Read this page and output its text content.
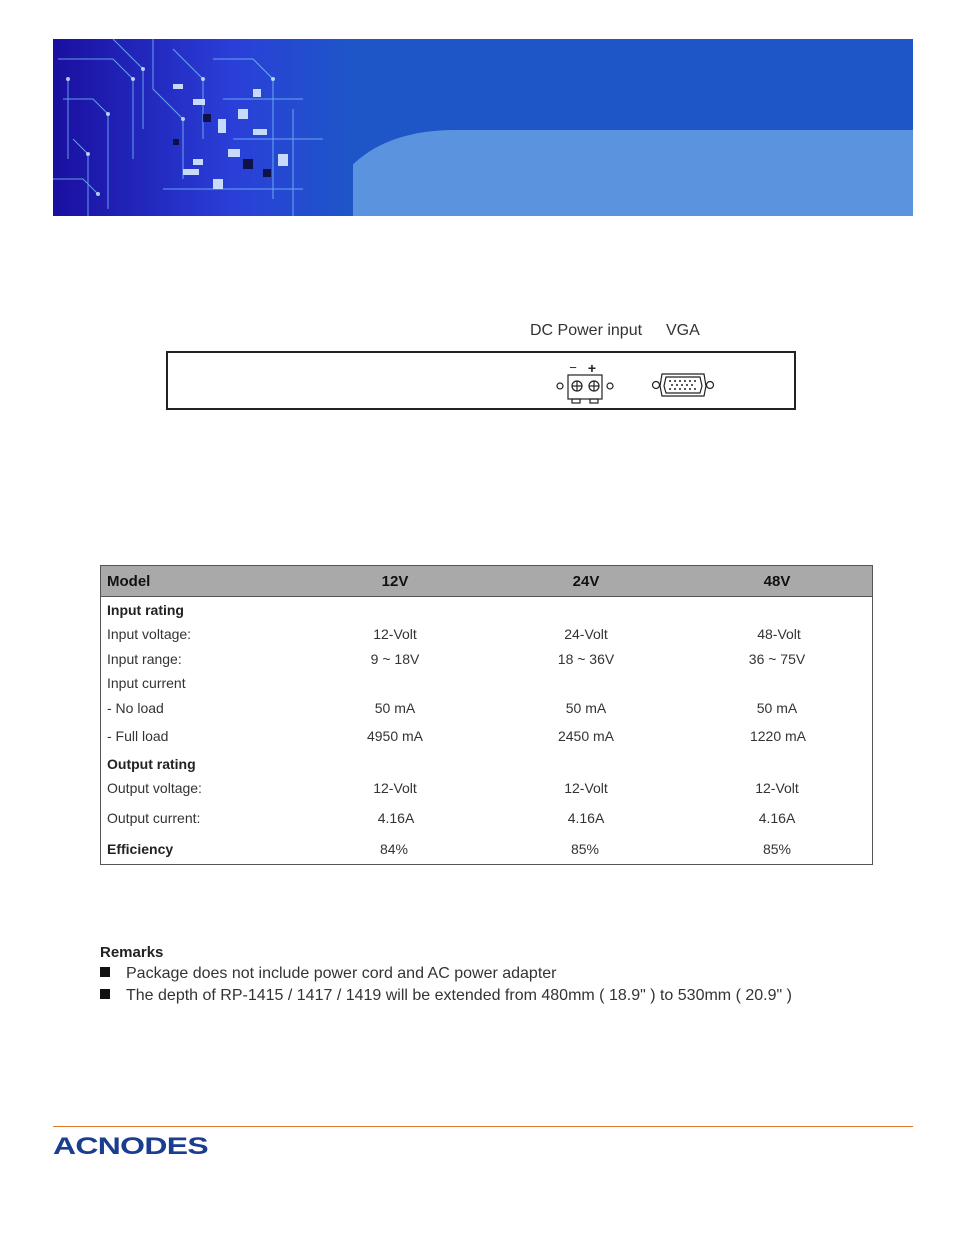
DC Power input VGA
− +
Model	12V	24V	48V
Input rating
Input voltage:	12-Volt	24-Volt	48-Volt
Input range:	9 ~ 18V	18 ~ 36V	36 ~ 75V
Input current
- No load	50 mA	50 mA	50 mA
- Full load	4950 mA	2450 mA	1220 mA
Output rating
Output voltage:	12-Volt	12-Volt	12-Volt
Output current:	4.16A	4.16A	4.16A
Efficiency	84%	85%	85%
Remarks
Package does not include power cord and AC power adapter
The depth of RP-1415 / 1417 / 1419 will be extended from 480mm ( 18.9" ) to 530mm ( 20.9" )
ACNODES
